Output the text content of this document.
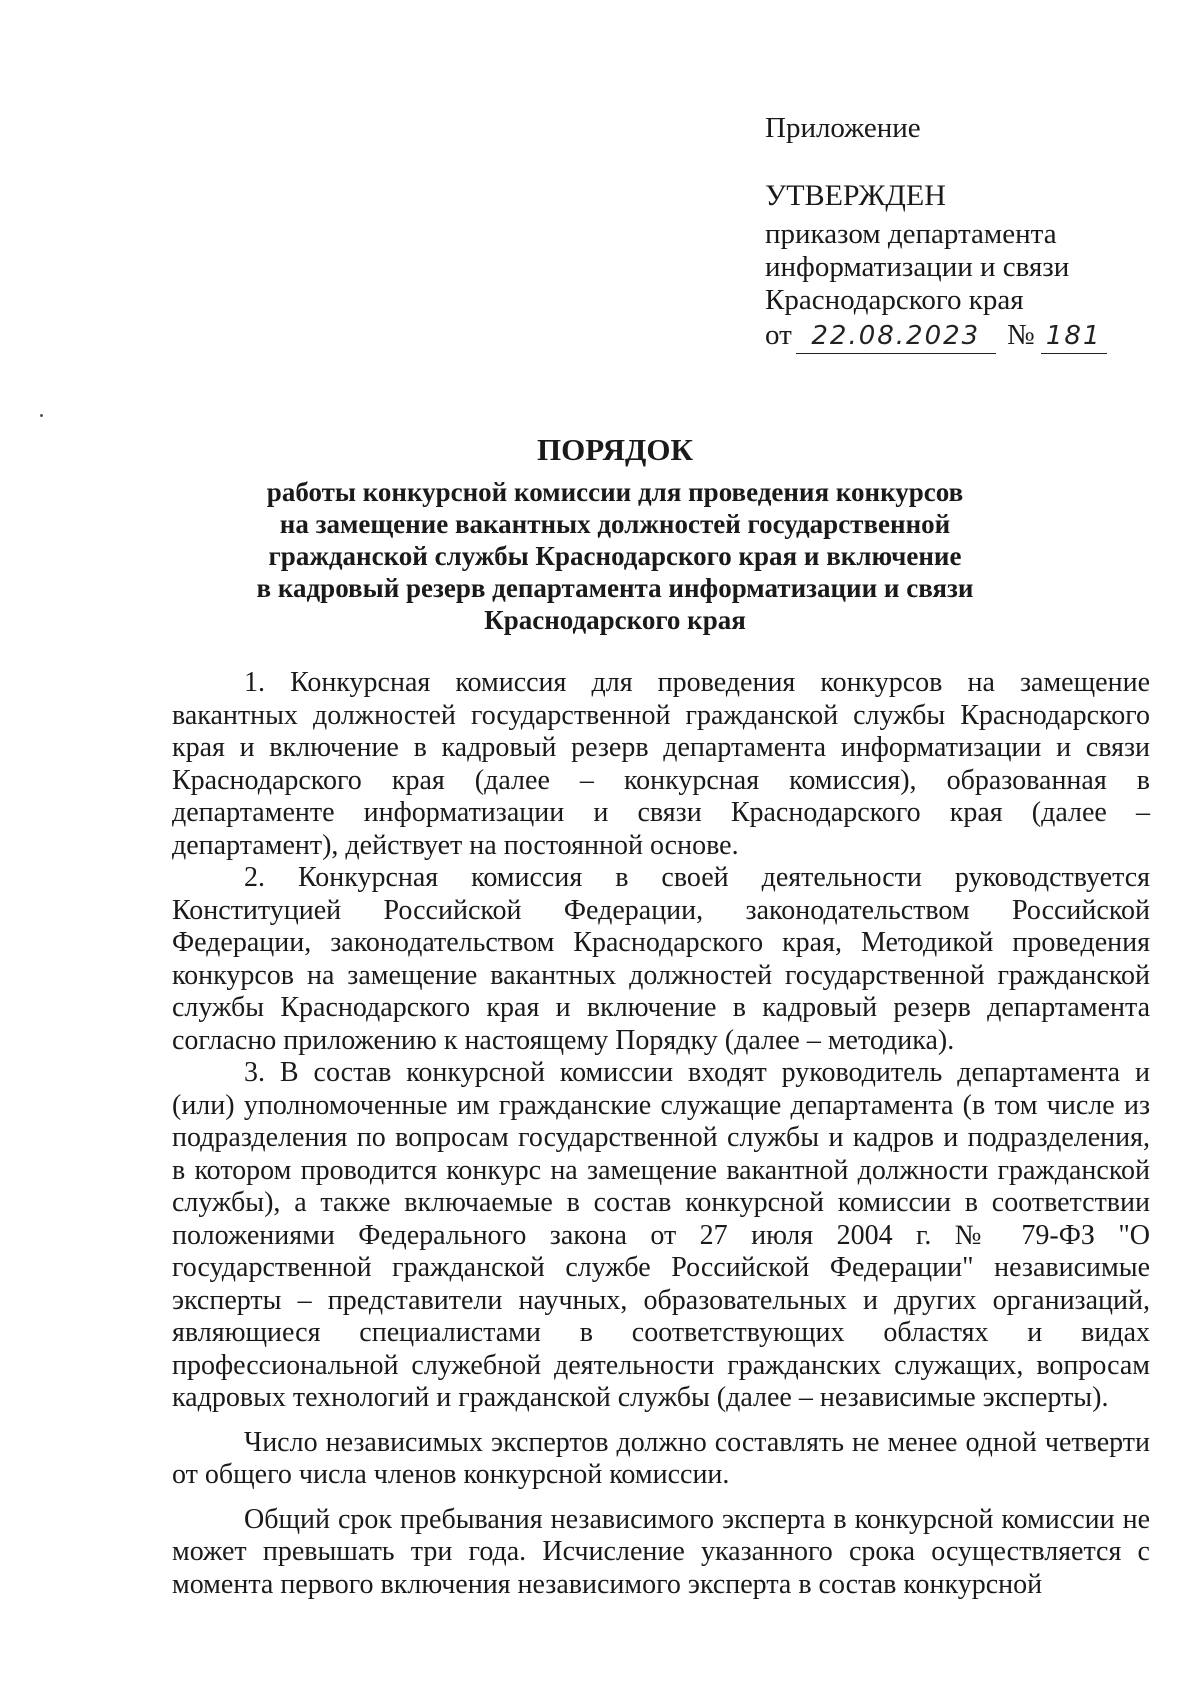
Приложение
УТВЕРЖДЕН
приказом департамента
информатизации и связи
Краснодарского края
от 22.08.2023 № 181
ПОРЯДОК
работы конкурсной комиссии для проведения конкурсов
на замещение вакантных должностей государственной
гражданской службы Краснодарского края и включение
в кадровый резерв департамента информатизации и связи
Краснодарского края

1. Конкурсная комиссия для проведения конкурсов на замещение вакантных должностей государственной гражданской службы Краснодарского края и включение в кадровый резерв департамента информатизации и связи Краснодарского края (далее – конкурсная комиссия), образованная в департаменте информатизации и связи Краснодарского края (далее – департамент), действует на постоянной основе.

2. Конкурсная комиссия в своей деятельности руководствуется Конституцией Российской Федерации, законодательством Российской Федерации, законодательством Краснодарского края, Методикой проведения конкурсов на замещение вакантных должностей государственной гражданской службы Краснодарского края и включение в кадровый резерв департамента согласно приложению к настоящему Порядку (далее – методика).

3. В состав конкурсной комиссии входят руководитель департамента и (или) уполномоченные им гражданские служащие департамента (в том числе из подразделения по вопросам государственной службы и кадров и подразделения, в котором проводится конкурс на замещение вакантной должности гражданской службы), а также включаемые в состав конкурсной комиссии в соответствии положениями Федерального закона от 27 июля 2004 г. № 79-ФЗ "О государственной гражданской службе Российской Федерации" независимые эксперты – представители научных, образовательных и других организаций, являющиеся специалистами в соответствующих областях и видах профессиональной служебной деятельности гражданских служащих, вопросам кадровых технологий и гражданской службы (далее – независимые эксперты).

Число независимых экспертов должно составлять не менее одной четверти от общего числа членов конкурсной комиссии.

Общий срок пребывания независимого эксперта в конкурсной комиссии не может превышать три года. Исчисление указанного срока осуществляется с момента первого включения независимого эксперта в состав конкурсной
